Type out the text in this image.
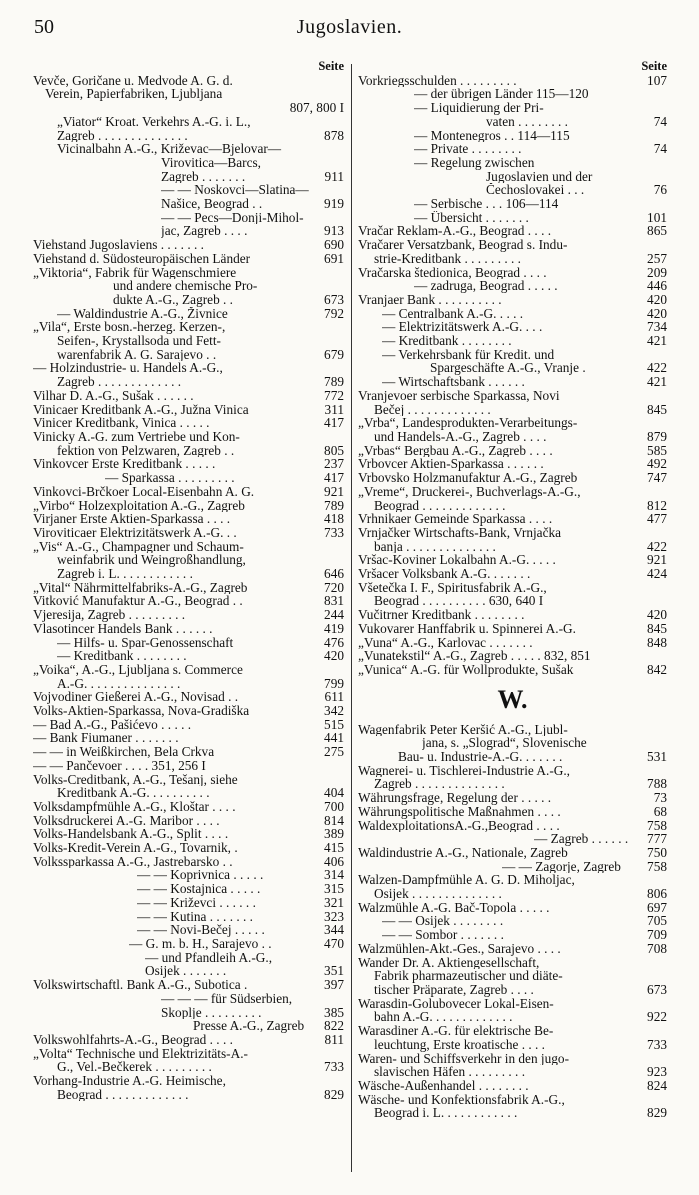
50	Jugoslavien.
Seite
Vevče, Goričane u. Medvode A. G. d.
Verein, Papierfabriken, Ljubljana
807, 800 I
„Viator“ Kroat. Verkehrs A.-G. i. L.,
Zagreb . . . . . . . . . . . . . .	878
Vicinalbahn A.-G., Križevac—Bjelovar—
Virovitica—Barcs,
Zagreb . . . . . . .	911
— — Noskovci—Slatina—
Našice, Beograd . .	919
— — Pecs—Donji-Mihol-
jac, Zagreb . . . .	913
Viehstand Jugoslaviens . . . . . . .	690
Viehstand d. Südosteuropäischen Länder	691
„Viktoria“, Fabrik für Wagenschmiere
und andere chemische Pro-
dukte A.-G., Zagreb . .	673
— Waldindustrie A.-G., Živnice	792
„Vila“, Erste bosn.-herzeg. Kerzen-,
Seifen-, Krystallsoda und Fett-
warenfabrik A. G. Sarajevo . .	679
— Holzindustrie- u. Handels A.-G.,
Zagreb . . . . . . . . . . . . .	789
Vilhar D. A.-G., Sušak . . . . . .	772
Vinicaer Kreditbank A.-G., Južna Vinica	311
Vinicer Kreditbank, Vinica . . . . .	417
Vinicky A.-G. zum Vertriebe und Kon-
fektion von Pelzwaren, Zagreb . .	805
Vinkovcer Erste Kreditbank . . . . .	237
— Sparkassa . . . . . . . . .	417
Vinkovci-Brčkoer Local-Eisenbahn A. G.	921
„Virbo“ Holzexploitation A.-G., Zagreb	789
Virjaner Erste Aktien-Sparkassa . . . .	418
Viroviticaer Elektrizitätswerk A.-G. . .	733
„Vis“ A.-G., Champagner und Schaum-
weinfabrik und Weingroßhandlung,
Zagreb i. L. . . . . . . . . . . .	646
„Vital“ Nährmittelfabriks-A.-G., Zagreb	720
Vitković Manufaktur A.-G., Beograd . .	831
Vjeresija, Zagreb . . . . . . . . .	244
Vlasotincer Handels Bank . . . . . .	419
— Hilfs- u. Spar-Genossenschaft	476
— Kreditbank . . . . . . . .	420
„Voika“, A.-G., Ljubljana s. Commerce
A.-G. . . . . . . . . . . . . . .	799
Vojvodiner Gießerei A.-G., Novisad . .	611
Volks-Aktien-Sparkassa, Nova-Gradiška	342
— Bad A.-G., Pašićevo . . . . .	515
— Bank Fiumaner . . . . . . .	441
— — in Weißkirchen, Bela Crkva	275
— — Pančevoer . . . . 351, 256 I
Volks-Creditbank, A.-G., Tešanj, siehe
Kreditbank A.-G. . . . . . . . . .	404
Volksdampfmühle A.-G., Kloštar . . . .	700
Volksdruckerei A.-G. Maribor . . . .	814
Volks-Handelsbank A.-G., Split . . . .	389
Volks-Kredit-Verein A.-G., Tovarnik, .	415
Volkssparkassa A.-G., Jastrebarsko . .	406
— — Koprivnica . . . . .	314
— — Kostajnica . . . . .	315
— — Križevci . . . . . .	321
— — Kutina . . . . . . .	323
— — Novi-Bečej . . . . .	344
— G. m. b. H., Sarajevo . .	470
— und Pfandleih A.-G.,
Osijek . . . . . . .	351
Volkswirtschaftl. Bank A.-G., Subotica .	397
— — — für Südserbien,
Skoplje . . . . . . . . .	385
Presse A.-G., Zagreb	822
Volkswohlfahrts-A.-G., Beograd . . . .	811
„Volta“ Technische und Elektrizitäts-A.-
G., Vel.-Bečkerek . . . . . . . . .	733
Vorhang-Industrie A.-G. Heimische,
Beograd . . . . . . . . . . . . .	829
Seite
Vorkriegsschulden . . . . . . . . .	107
— der übrigen Länder 115—120
— Liquidierung der Pri-
vaten . . . . . . . .	74
— Montenegros . . 114—115
— Private . . . . . . . .	74
— Regelung zwischen
Jugoslavien und der
Čechoslovakei . . .	76
— Serbische . . . 106—114
— Übersicht . . . . . . .	101
Vračar Reklam-A.-G., Beograd . . . .	865
Vračarer Versatzbank, Beograd s. Indu-
strie-Kreditbank . . . . . . . . .	257
Vračarska štedionica, Beograd . . . .	209
— zadruga, Beograd . . . . .	446
Vranjaer Bank . . . . . . . . . .	420
— Centralbank A.-G. . . . .	420
— Elektrizitätswerk A.-G. . . .	734
— Kreditbank . . . . . . . .	421
— Verkehrsbank für Kredit. und
Spargeschäfte A.-G., Vranje .	422
— Wirtschaftsbank . . . . . .	421
Vranjevoer serbische Sparkassa, Novi
Bečej . . . . . . . . . . . . .	845
„Vrba“, Landesprodukten-Verarbeitungs-
und Handels-A.-G., Zagreb . . . .	879
„Vrbas“ Bergbau A.-G., Zagreb . . . .	585
Vrbovcer Aktien-Sparkassa . . . . . .	492
Vrbovsko Holzmanufaktur A.-G., Zagreb	747
„Vreme“, Druckerei-, Buchverlags-A.-G.,
Beograd . . . . . . . . . . . . .	812
Vrhnikaer Gemeinde Sparkassa . . . .	477
Vrnjačker Wirtschafts-Bank, Vrnjačka
banja . . . . . . . . . . . . . .	422
Vršac-Koviner Lokalbahn A.-G. . . . .	921
Vršacer Volksbank A.-G. . . . . . .	424
Všetečka I. F., Spiritusfabrik A.-G.,
Beograd . . . . . . . . . . 630, 640 I
Vučitrner Kreditbank . . . . . . . .	420
Vukovarer Hanffabrik u. Spinnerei A.-G.	845
„Vuna“ A.-G., Karlovac . . . . . . .	848
„Vunatekstil“ A.-G., Zagreb . . . . . 832, 851
„Vunica“ A.-G. für Wollprodukte, Sušak	842
W.
Wagenfabrik Peter Keršić A.-G., Ljubl-
jana, s. „Slograd“, Slovenische
Bau- u. Industrie-A.-G. . . . . . .	531
Wagnerei- u. Tischlerei-Industrie A.-G.,
Zagreb . . . . . . . . . . . . . .	788
Währungsfrage, Regelung der . . . . .	73
Währungspolitische Maßnahmen . . . .	68
WaldexploitationsA.-G.,Beograd . . . .	758
— Zagreb . . . . . .	777
Waldindustrie A.-G., Nationale, Zagreb	750
— — Zagorje, Zagreb	758
Walzen-Dampfmühle A. G. D. Miholjac,
Osijek . . . . . . . . . . . . . .	806
Walzmühle A.-G. Bač-Topola . . . . .	697
— — Osijek . . . . . . . .	705
— — Sombor . . . . . . .	709
Walzmühlen-Akt.-Ges., Sarajevo . . . .	708
Wander Dr. A. Aktiengesellschaft,
Fabrik pharmazeutischer und diäte-
tischer Präparate, Zagreb . . . .	673
Warasdin-Golubovecer Lokal-Eisen-
bahn A.-G. . . . . . . . . . . . .	922
Warasdiner A.-G. für elektrische Be-
leuchtung, Erste kroatische . . . .	733
Waren- und Schiffsverkehr in den jugo-
slavischen Häfen . . . . . . . . .	923
Wäsche-Außenhandel . . . . . . . .	824
Wäsche- und Konfektionsfabrik A.-G.,
Beograd i. L. . . . . . . . . . . .	829
